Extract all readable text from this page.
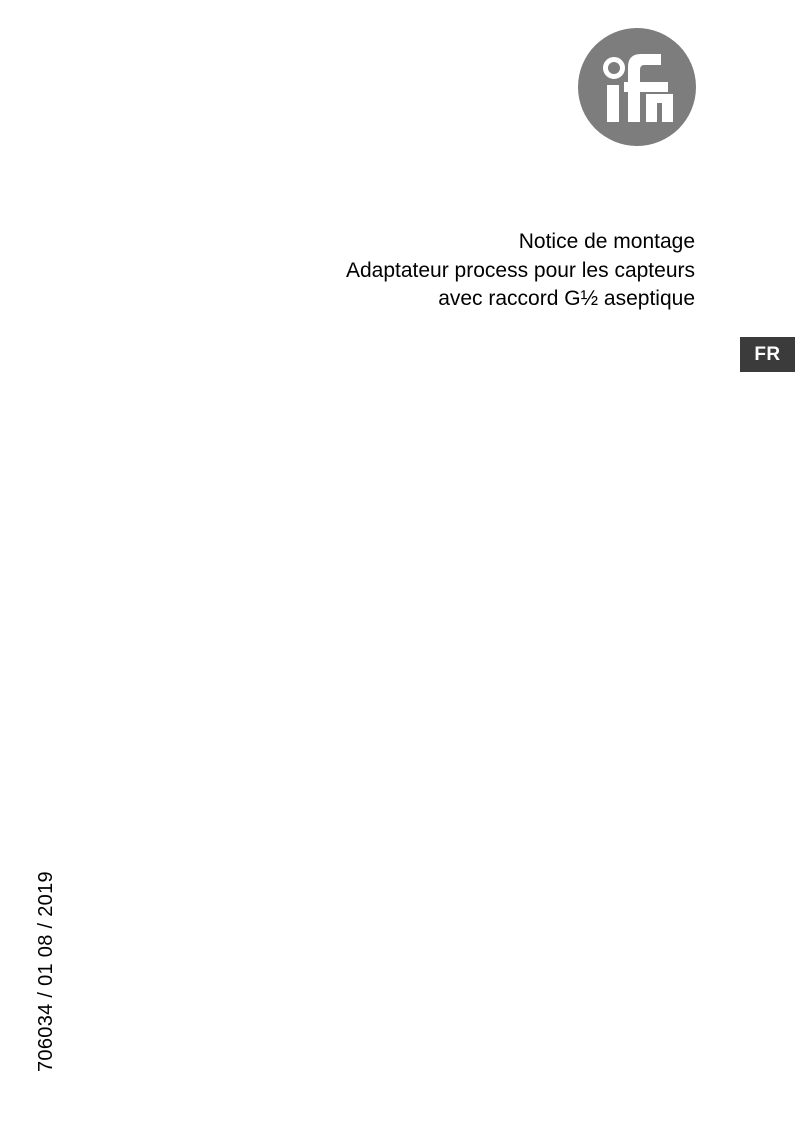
Notice de montage
Adaptateur process pour les capteurs
avec raccord G½ aseptique
FR
706034 / 01 08 / 2019
